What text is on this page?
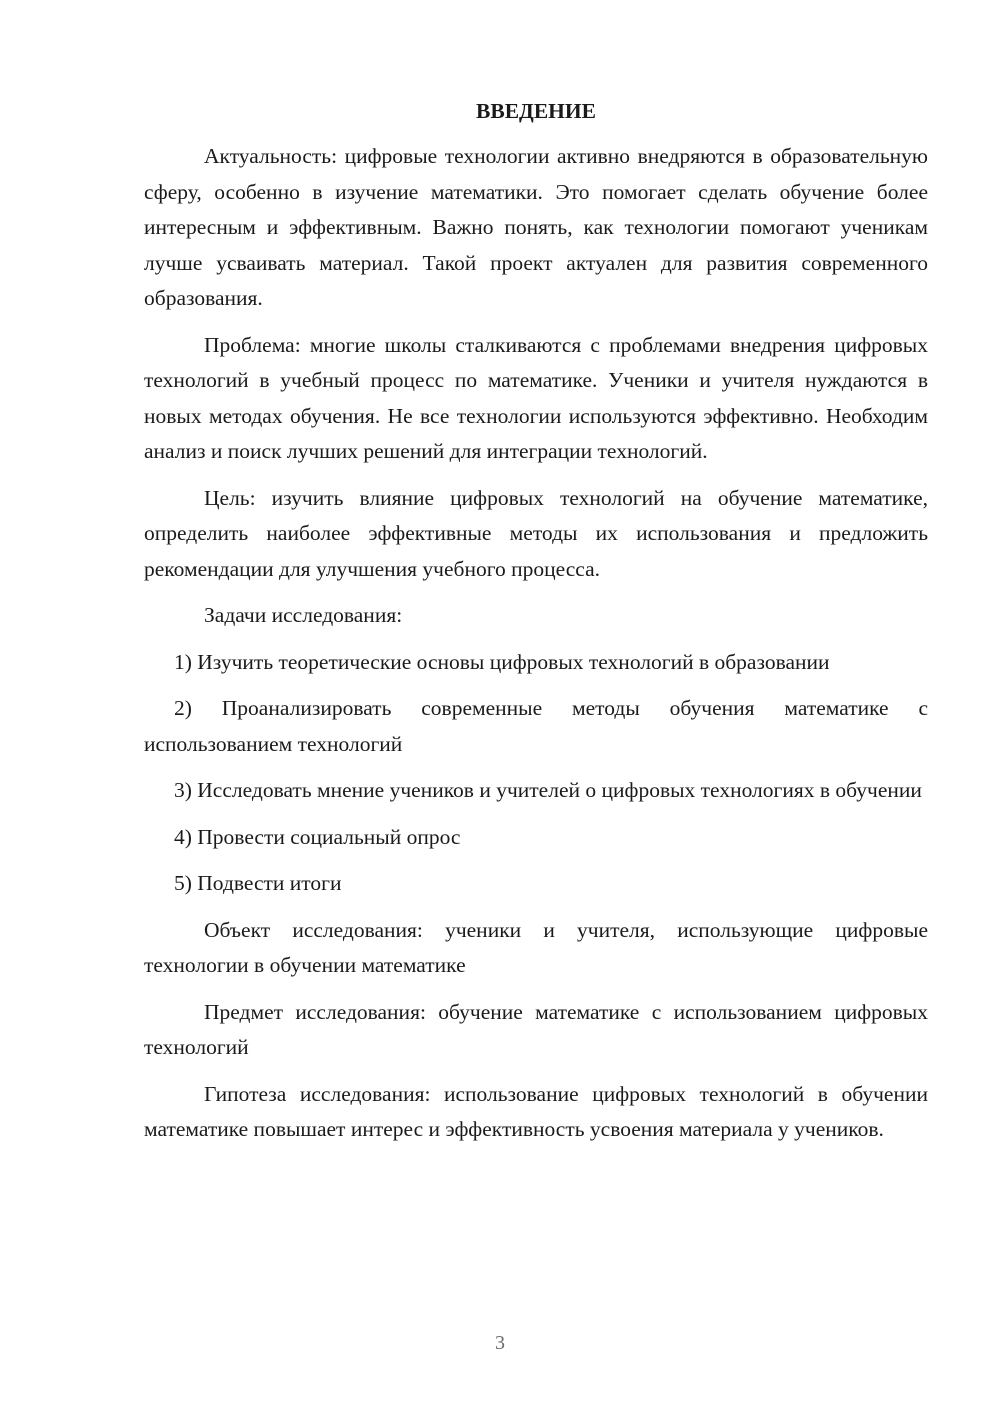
ВВЕДЕНИЕ

Актуальность: цифровые технологии активно внедряются в образовательную сферу, особенно в изучение математики. Это помогает сделать обучение более интересным и эффективным. Важно понять, как технологии помогают ученикам лучше усваивать материал. Такой проект актуален для развития современного образования.

Проблема: многие школы сталкиваются с проблемами внедрения цифровых технологий в учебный процесс по математике. Ученики и учителя нуждаются в новых методах обучения. Не все технологии используются эффективно. Необходим анализ и поиск лучших решений для интеграции технологий.

Цель: изучить влияние цифровых технологий на обучение математике, определить наиболее эффективные методы их использования и предложить рекомендации для улучшения учебного процесса.

Задачи исследования:

1) Изучить теоретические основы цифровых технологий в образовании

2) Проанализировать современные методы обучения математике с использованием технологий

3) Исследовать мнение учеников и учителей о цифровых технологиях в обучении

4) Провести социальный опрос

5) Подвести итоги

Объект исследования: ученики и учителя, использующие цифровые технологии в обучении математике

Предмет исследования: обучение математике с использованием цифровых технологий

Гипотеза исследования: использование цифровых технологий в обучении математике повышает интерес и эффективность усвоения материала у учеников.

3
